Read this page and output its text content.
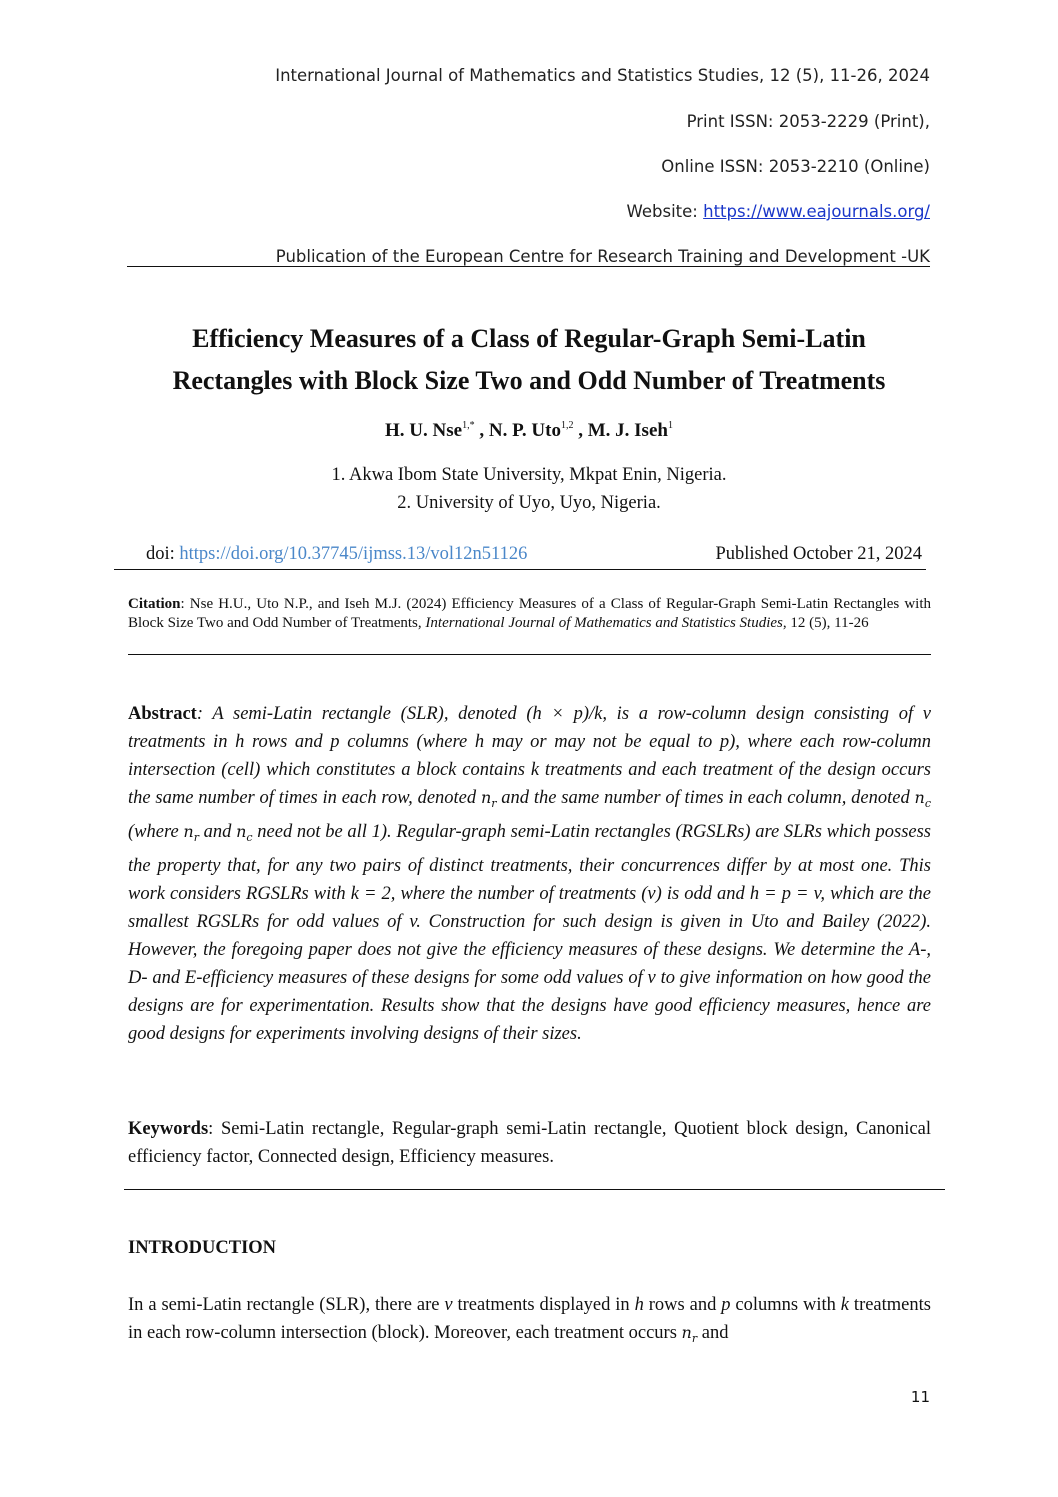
International Journal of Mathematics and Statistics Studies, 12 (5), 11-26, 2024
Print ISSN: 2053-2229 (Print),
Online ISSN: 2053-2210 (Online)
Website: https://www.eajournals.org/
Publication of the European Centre for Research Training and Development -UK
Efficiency Measures of a Class of Regular-Graph Semi-Latin
Rectangles with Block Size Two and Odd Number of Treatments
H. U. Nse$^{1,*}$ , N. P. Uto$^{1,2}$ , M. J. Iseh$^1$
1. Akwa Ibom State University, Mkpat Enin, Nigeria.
2. University of Uyo, Uyo, Nigeria.
doi: https://doi.org/10.37745/ijmss.13/vol12n51126	Published October 21, 2024
Citation: Nse H.U., Uto N.P., and Iseh M.J. (2024) Efficiency Measures of a Class of Regular-Graph Semi-Latin Rectangles with Block Size Two and Odd Number of Treatments, International Journal of Mathematics and Statistics Studies, 12 (5), 11-26
Abstract: A semi-Latin rectangle (SLR), denoted (h × p)/k, is a row-column design consisting of v treatments in h rows and p columns (where h may or may not be equal to p), where each row-column intersection (cell) which constitutes a block contains k treatments and each treatment of the design occurs the same number of times in each row, denoted $n_r$ and the same number of times in each column, denoted $n_c$ (where $n_r$ and $n_c$ need not be all 1). Regular-graph semi-Latin rectangles (RGSLRs) are SLRs which possess the property that, for any two pairs of distinct treatments, their concurrences differ by at most one. This work considers RGSLRs with k = 2, where the number of treatments (v) is odd and h = p = v, which are the smallest RGSLRs for odd values of v. Construction for such design is given in Uto and Bailey (2022). However, the foregoing paper does not give the efficiency measures of these designs. We determine the A-, D- and E-efficiency measures of these designs for some odd values of v to give information on how good the designs are for experimentation. Results show that the designs have good efficiency measures, hence are good designs for experiments involving designs of their sizes.
Keywords: Semi-Latin rectangle, Regular-graph semi-Latin rectangle, Quotient block design, Canonical efficiency factor, Connected design, Efficiency measures.
INTRODUCTION
In a semi-Latin rectangle (SLR), there are v treatments displayed in h rows and p columns with k treatments in each row-column intersection (block). Moreover, each treatment occurs $n_r$ and
11
